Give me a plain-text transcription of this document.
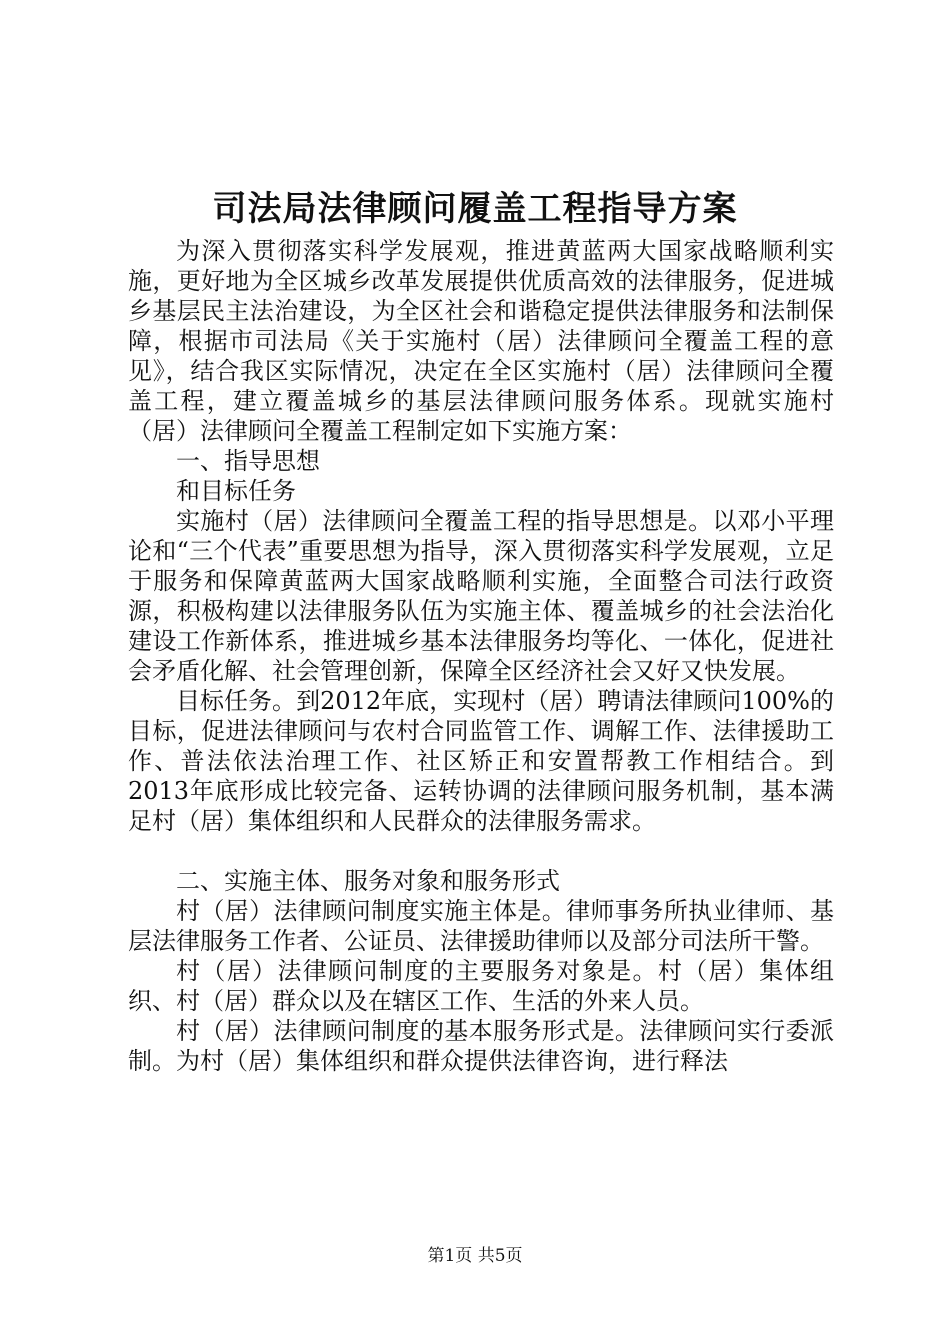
司法局法律顾问履盖工程指导方案

为深入贯彻落实科学发展观，推进黄蓝两大国家战略顺利实施，更好地为全区城乡改革发展提供优质高效的法律服务，促进城乡基层民主法治建设，为全区社会和谐稳定提供法律服务和法制保障，根据市司法局《关于实施村（居）法律顾问全覆盖工程的意见》，结合我区实际情况，决定在全区实施村（居）法律顾问全覆盖工程，建立覆盖城乡的基层法律顾问服务体系。现就实施村（居）法律顾问全覆盖工程制定如下实施方案：

一、指导思想

和目标任务

实施村（居）法律顾问全覆盖工程的指导思想是。以邓小平理论和“三个代表”重要思想为指导，深入贯彻落实科学发展观，立足于服务和保障黄蓝两大国家战略顺利实施，全面整合司法行政资源，积极构建以法律服务队伍为实施主体、覆盖城乡的社会法治化建设工作新体系，推进城乡基本法律服务均等化、一体化，促进社会矛盾化解、社会管理创新，保障全区经济社会又好又快发展。

目标任务。到2012年底，实现村（居）聘请法律顾问100%的目标，促进法律顾问与农村合同监管工作、调解工作、法律援助工作、普法依法治理工作、社区矫正和安置帮教工作相结合。到2013年底形成比较完备、运转协调的法律顾问服务机制，基本满足村（居）集体组织和人民群众的法律服务需求。

二、实施主体、服务对象和服务形式

村（居）法律顾问制度实施主体是。律师事务所执业律师、基层法律服务工作者、公证员、法律援助律师以及部分司法所干警。

村（居）法律顾问制度的主要服务对象是。村（居）集体组织、村（居）群众以及在辖区工作、生活的外来人员。

村（居）法律顾问制度的基本服务形式是。法律顾问实行委派制。为村（居）集体组织和群众提供法律咨询，进行释法

第1页 共5页
